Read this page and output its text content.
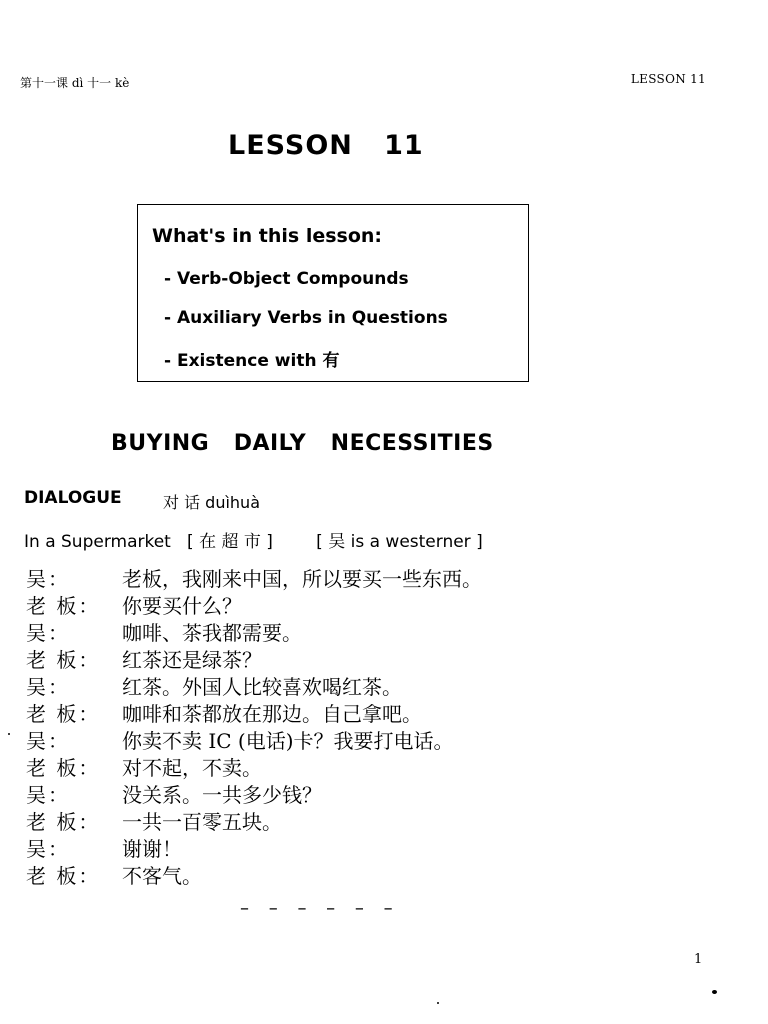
第十一课 dì 十一 kè	LESSON 11
LESSON   11
What's in this lesson:
- Verb-Object Compounds
- Auxiliary Verbs in Questions
- Existence with 有
BUYING   DAILY   NECESSITIES
DIALOGUE	对 话 duìhuà
In a Supermarket   [ 在 超 市 ]        [ 吴 is a westerner ]
吴：	老板，我刚来中国，所以要买一些东西。
老 板： 你要买什么？
吴：	咖啡、茶我都需要。
老 板： 红茶还是绿茶？
吴：	红茶。外国人比较喜欢喝红茶。
老 板： 咖啡和茶都放在那边。自己拿吧。
吴：	你卖不卖 IC (电话)卡？我要打电话。
老 板： 对不起，不卖。
吴：	没关系。一共多少钱？
老 板： 一共一百零五块。
吴：	谢谢！
老 板： 不客气。
– – – – – –
1
